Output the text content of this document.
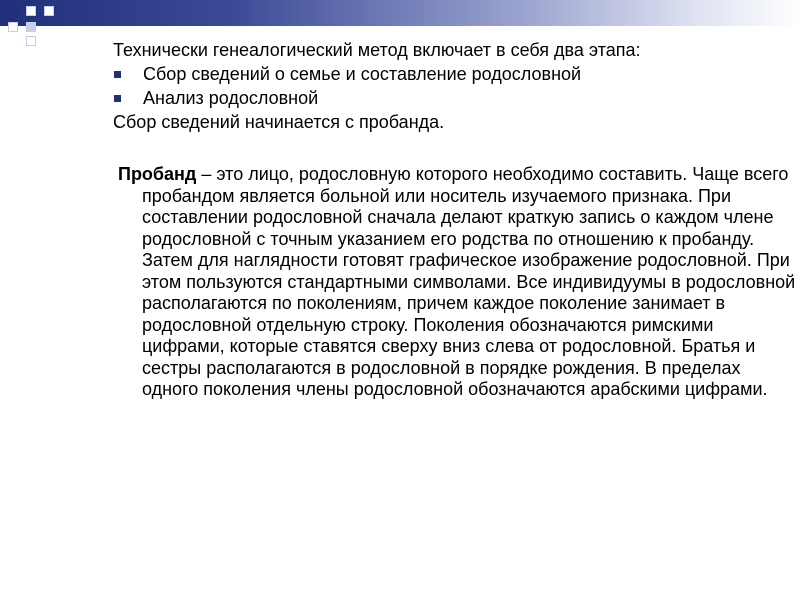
Технически генеалогический метод включает в себя два этапа:

Сбор сведений о семье и составление родословной
Анализ родословной

Сбор сведений начинается с пробанда.

Пробанд – это лицо, родословную которого необходимо составить. Чаще всего пробандом является больной или носитель изучаемого признака. При составлении родословной сначала делают краткую запись о каждом члене родословной с точным указанием его родства по отношению к пробанду. Затем для наглядности готовят графическое изображение родословной. При этом пользуются стандартными символами. Все индивидуумы в родословной располагаются по поколениям, причем каждое поколение занимает в родословной отдельную строку. Поколения обозначаются римскими цифрами, которые ставятся сверху вниз слева от родословной. Братья и сестры располагаются в родословной в порядке рождения. В пределах одного поколения члены родословной обозначаются арабскими цифрами.
